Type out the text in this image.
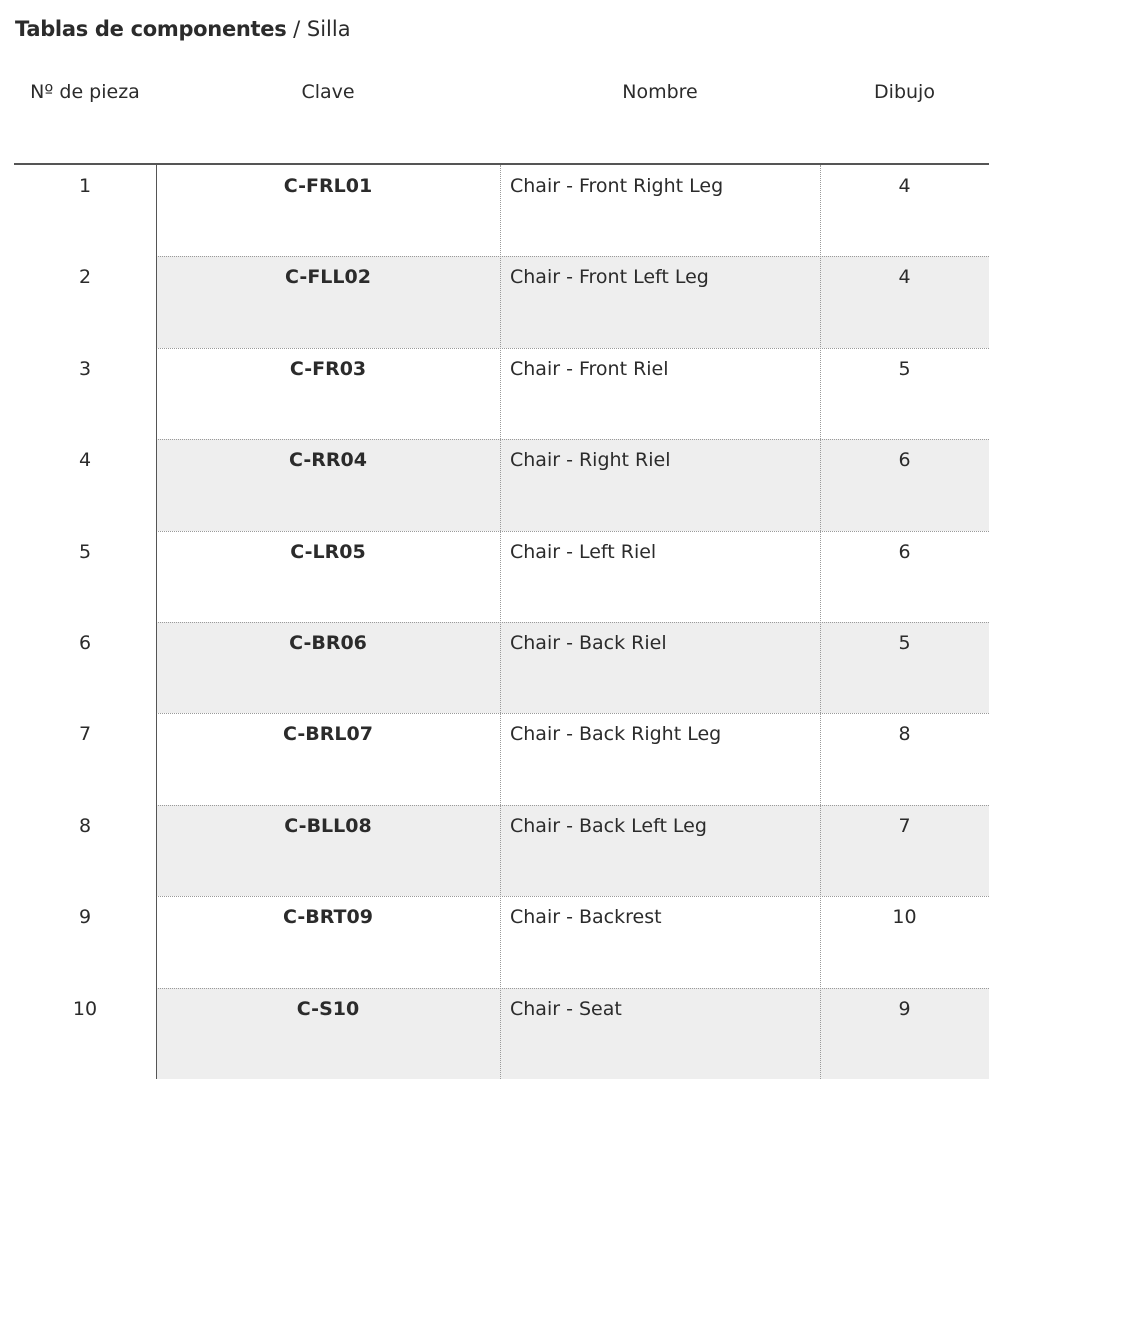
Tablas de componentes / Silla
Nº de pieza	Clave	Nombre	Dibujo
1	C-FRL01	Chair - Front Right Leg	4
2	C-FLL02	Chair - Front Left Leg	4
3	C-FR03	Chair - Front Riel	5
4	C-RR04	Chair - Right Riel	6
5	C-LR05	Chair - Left Riel	6
6	C-BR06	Chair - Back Riel	5
7	C-BRL07	Chair - Back Right Leg	8
8	C-BLL08	Chair - Back Left Leg	7
9	C-BRT09	Chair - Backrest	10
10	C-S10	Chair - Seat	9
